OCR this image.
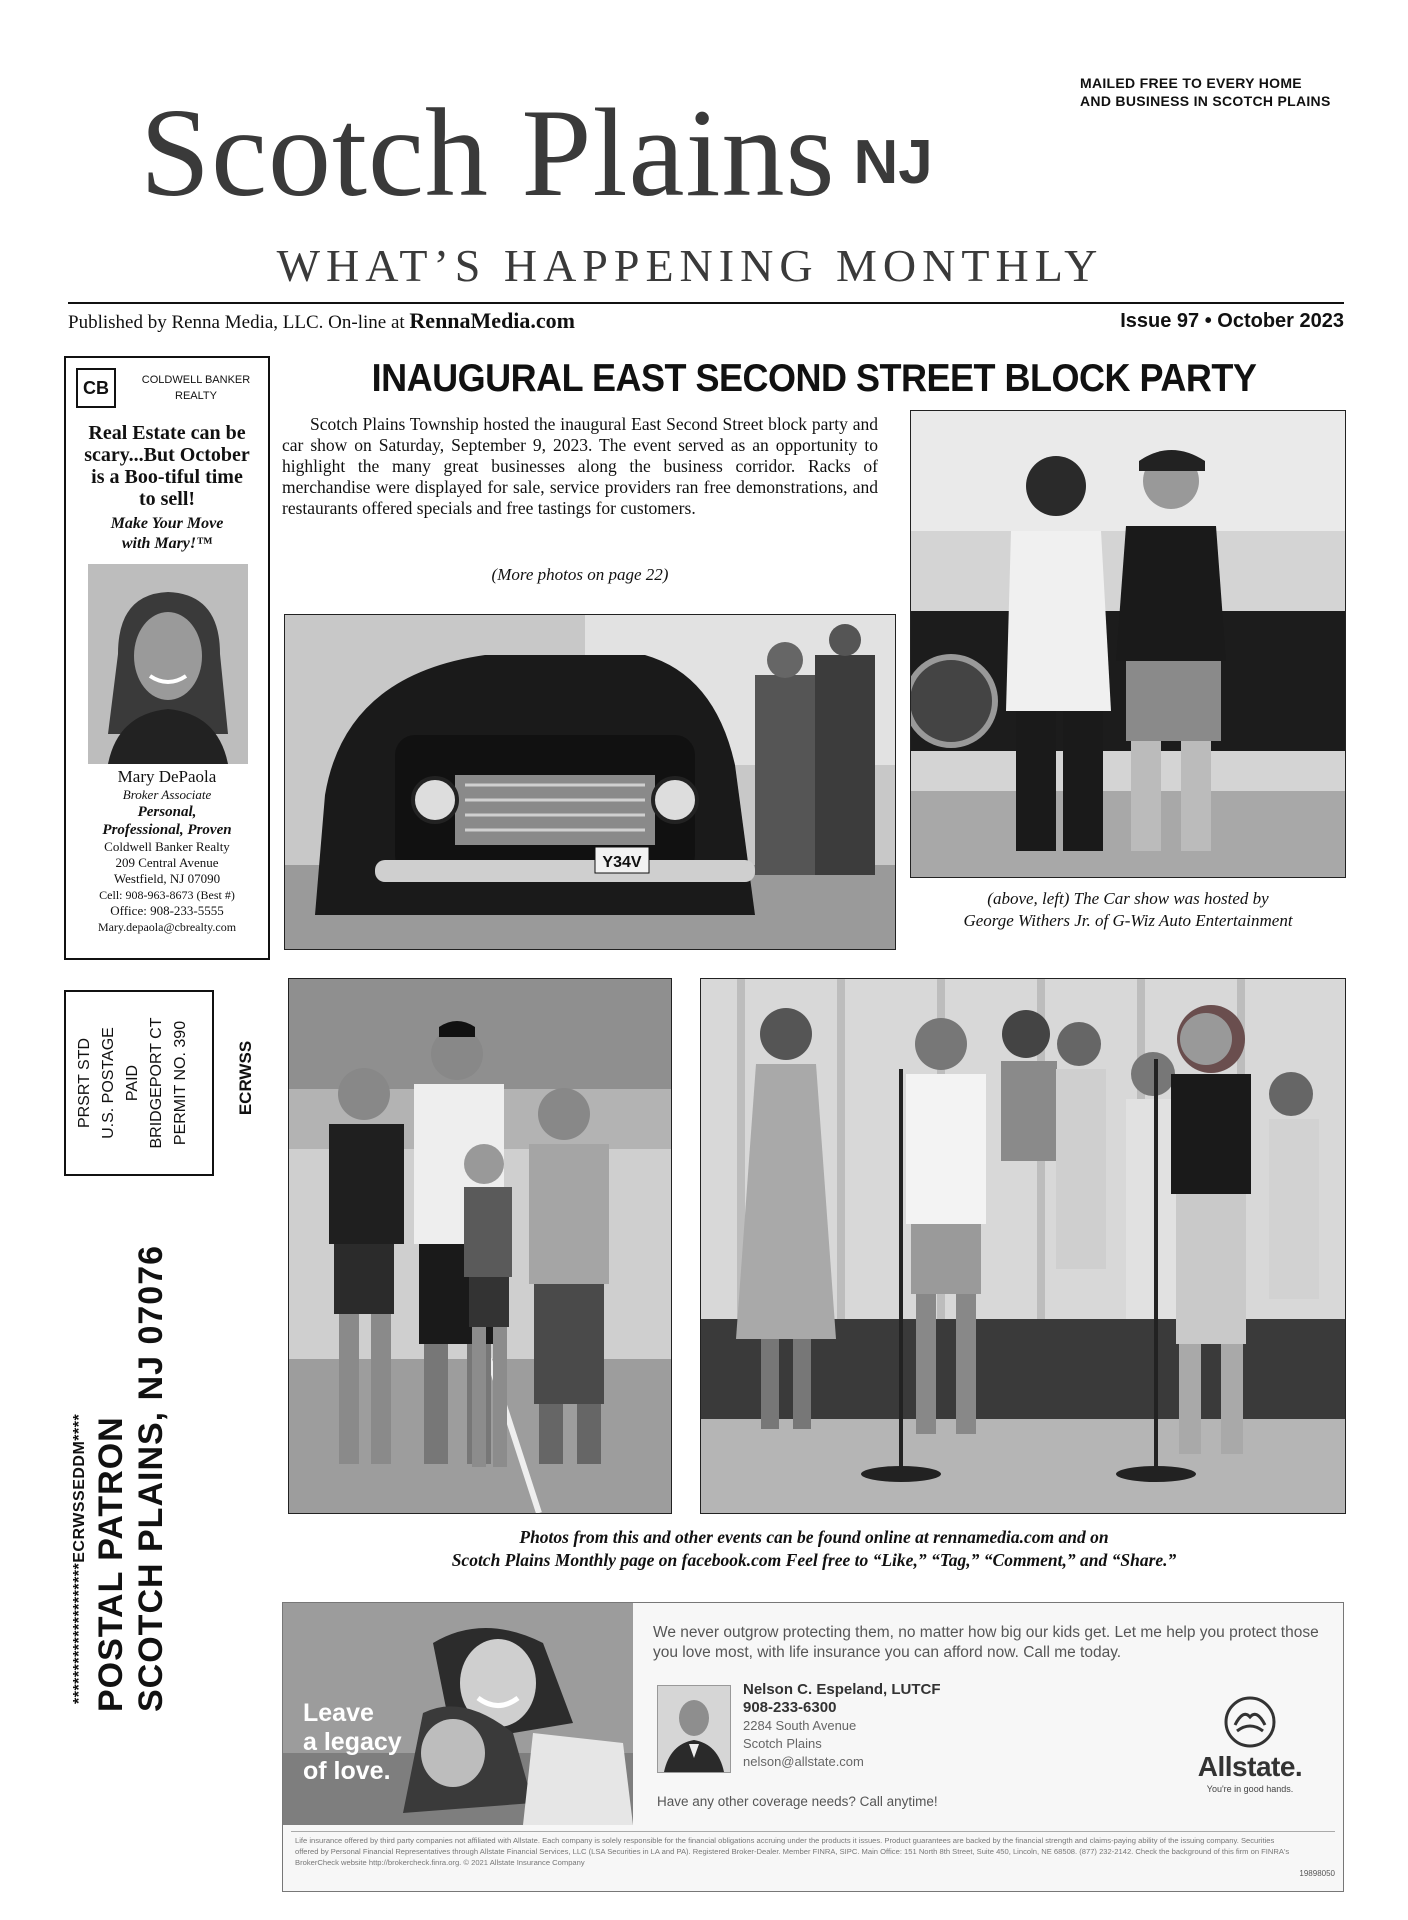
MAILED FREE TO EVERY HOME
AND BUSINESS IN SCOTCH PLAINS
Scotch Plains NJ
WHAT’S HAPPENING MONTHLY
Published by Renna Media, LLC. On-line at RennaMedia.com	Issue 97 • October 2023
CB	COLDWELL BANKER
REALTY
Real Estate can be
scary...But October
is a Boo-tiful time
to sell!
Make Your Move
with Mary!™
Mary DePaola
Broker Associate
Personal,
Professional, Proven
Coldwell Banker Realty
209 Central Avenue
Westfield, NJ 07090
Cell: 908-963-8673 (Best #)
Office: 908-233-5555
Mary.depaola@cbrealty.com
PRSRT STD U.S. POSTAGE PAID BRIDGEPORT CT PERMIT NO. 390	ECRWSS
*********************ECRWSSEDDM**** POSTAL PATRON SCOTCH PLAINS, NJ 07076
INAUGURAL EAST SECOND STREET BLOCK PARTY
Scotch Plains Township hosted the inaugural East Second Street block party and car show on Saturday, September 9, 2023. The event served as an opportunity to highlight the many great businesses along the business corridor. Racks of merchandise were displayed for sale, service providers ran free demonstrations, and restaurants offered specials and free tastings for customers.
(More photos on page 22)
Y34V
(above, left) The Car show was hosted by
George Withers Jr. of G-Wiz Auto Entertainment
Photos from this and other events can be found online at rennamedia.com and on
Scotch Plains Monthly page on facebook.com Feel free to “Like,” “Tag,” “Comment,” and “Share.”
Leave
a legacy
of love.
We never outgrow protecting them, no matter how big our kids get. Let me help you protect those you love most, with life insurance you can afford now. Call me today.
Nelson C. Espeland, LUTCF
908-233-6300
2284 South Avenue
Scotch Plains
nelson@allstate.com
Have any other coverage needs? Call anytime!
Allstate.
You're in good hands.
Life insurance offered by third party companies not affiliated with Allstate. Each company is solely responsible for the financial obligations accruing under the products it issues. Product guarantees are backed by the financial strength and claims-paying ability of the issuing company. Securities offered by Personal Financial Representatives through Allstate Financial Services, LLC (LSA Securities in LA and PA). Registered Broker-Dealer. Member FINRA, SIPC. Main Office: 151 North 8th Street, Suite 450, Lincoln, NE 68508. (877) 232-2142. Check the background of this firm on FINRA's BrokerCheck website http://brokercheck.finra.org. © 2021 Allstate Insurance Company
19898050
